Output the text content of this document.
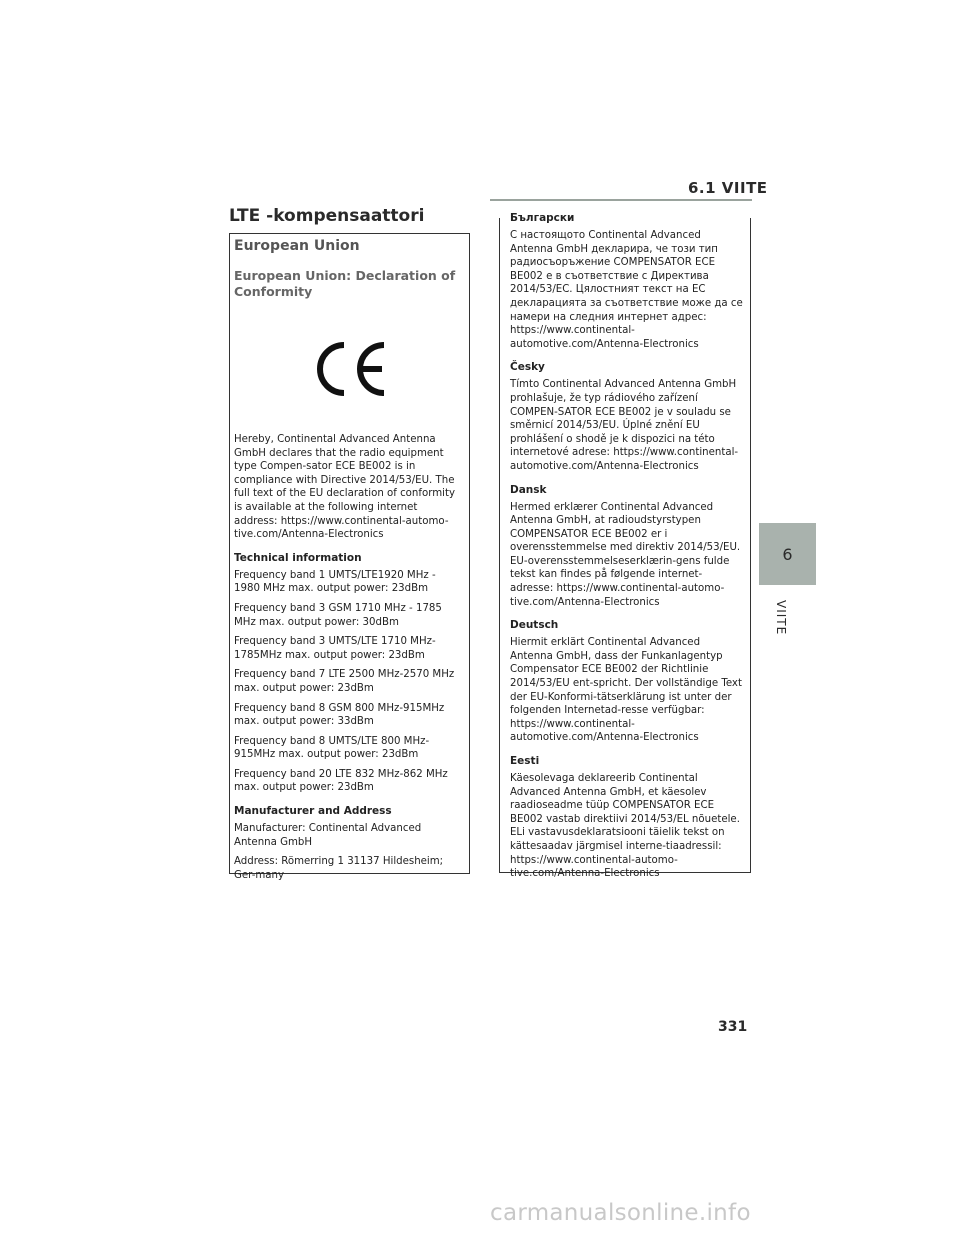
6.1 VIITE
LTE -kompensaattori
European Union
European Union: Declaration of Conformity

Hereby, Continental Advanced Antenna GmbH declares that the radio equipment type Compen-sator ECE BE002 is in compliance with Directive 2014/53/EU. The full text of the EU declaration of conformity is available at the following internet address: https://www.continental-automo-tive.com/Antenna-Electronics

Technical information

Frequency band 1 UMTS/LTE1920 MHz - 1980 MHz max. output power: 23dBm

Frequency band 3 GSM 1710 MHz - 1785 MHz max. output power: 30dBm

Frequency band 3 UMTS/LTE 1710 MHz-1785MHz max. output power: 23dBm

Frequency band 7 LTE 2500 MHz-2570 MHz max. output power: 23dBm

Frequency band 8 GSM 800 MHz-915MHz max. output power: 33dBm

Frequency band 8 UMTS/LTE 800 MHz-915MHz max. output power: 23dBm

Frequency band 20 LTE 832 MHz-862 MHz max. output power: 23dBm

Manufacturer and Address

Manufacturer: Continental Advanced Antenna GmbH

Address: Römerring 1 31137 Hildesheim; Ger-many

Български

С настоящото Continental Advanced Antenna GmbH декларира, че този тип радиосъоръжение COMPENSATOR ECE BE002 е в съответствие с Директива 2014/53/ЕС. Цялостният текст на ЕС декларацията за съответствие може да се намери на следния интернет адрес: https://www.continental-automotive.com/Antenna-Electronics

Česky

Tímto Continental Advanced Antenna GmbH prohlašuje, že typ rádiového zařízení COMPEN-SATOR ECE BE002 je v souladu se směrnicí 2014/53/EU. Úplné znění EU prohlášení o shodě je k dispozici na této internetové adrese: https://www.continental-automotive.com/Antenna-Electronics

Dansk

Hermed erklærer Continental Advanced Antenna GmbH, at radioudstyrstypen COMPENSATOR ECE BE002 er i overensstemmelse med direktiv 2014/53/EU. EU-overensstemmelseserklærin-gens fulde tekst kan findes på følgende internet-adresse: https://www.continental-automo-tive.com/Antenna-Electronics

Deutsch

Hiermit erklärt Continental Advanced Antenna GmbH, dass der Funkanlagentyp Compensator ECE BE002 der Richtlinie 2014/53/EU ent-spricht. Der vollständige Text der EU-Konformi-tätserklärung ist unter der folgenden Internetad-resse verfügbar: https://www.continental-automotive.com/Antenna-Electronics

Eesti

Käesolevaga deklareerib Continental Advanced Antenna GmbH, et käesolev raadioseadme tüüp COMPENSATOR ECE BE002 vastab direktiivi 2014/53/EL nõuetele. ELi vastavusdeklaratsiooni täielik tekst on kättesaadav järgmisel interne-tiaadressil: https://www.continental-automo-tive.com/Antenna-Electronics

6
VIITE
331
carmanualsonline.info
